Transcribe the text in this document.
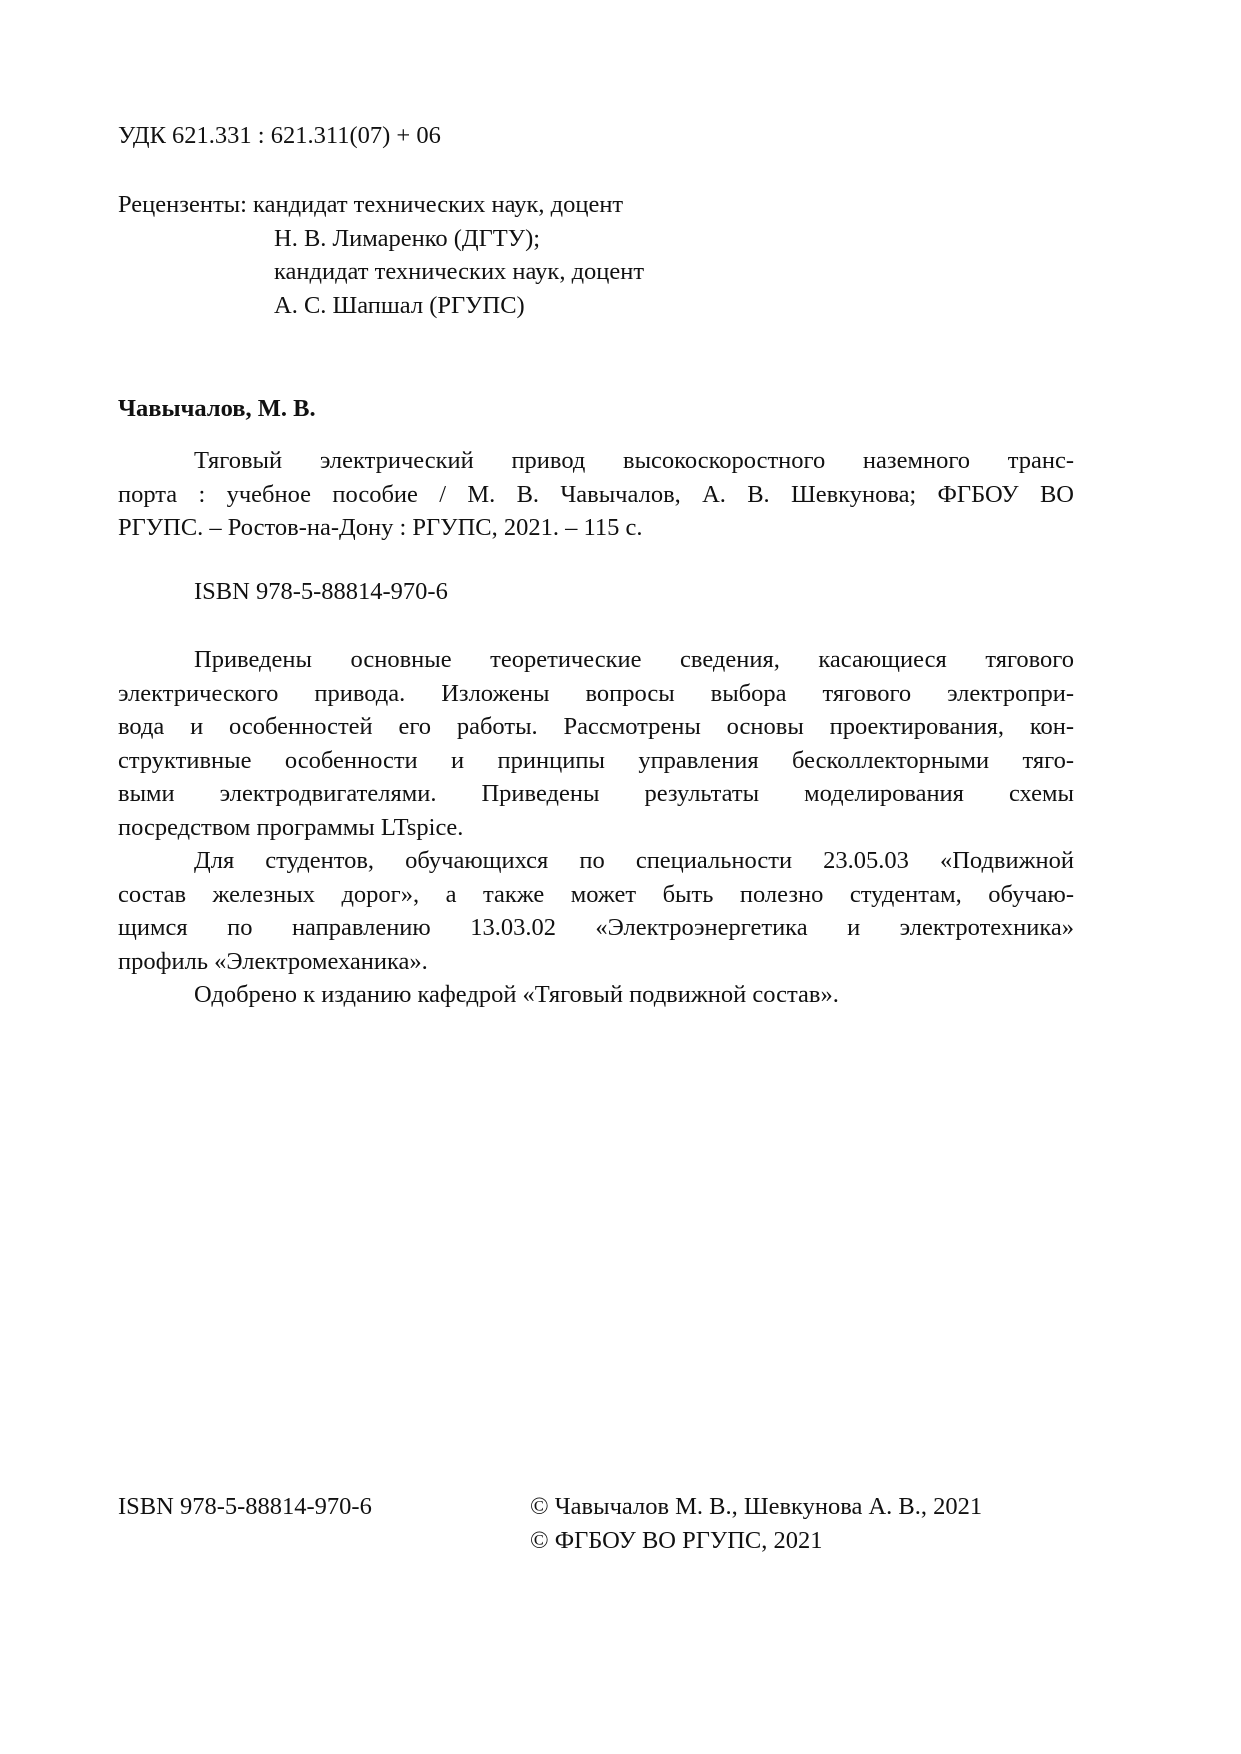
УДК 621.331 : 621.311(07) + 06
Рецензенты: кандидат технических наук, доцент
Н. В. Лимаренко (ДГТУ);
кандидат технических наук, доцент
А. С. Шапшал (РГУПС)
Чавычалов, М. В.
Тяговый электрический привод высокоскоростного наземного транс-
порта : учебное пособие / М. В. Чавычалов, А. В. Шевкунова; ФГБОУ ВО
РГУПС. – Ростов-на-Дону : РГУПС, 2021. – 115 с.
ISBN 978-5-88814-970-6
Приведены основные теоретические сведения, касающиеся тягового
электрического привода. Изложены вопросы выбора тягового электропри-
вода и особенностей его работы. Рассмотрены основы проектирования, кон-
структивные особенности и принципы управления бесколлекторными тяго-
выми электродвигателями. Приведены результаты моделирования схемы
посредством программы LTspice.
Для студентов, обучающихся по специальности 23.05.03 «Подвижной
состав железных дорог», а также может быть полезно студентам, обучаю-
щимся по направлению 13.03.02 «Электроэнергетика и электротехника»
профиль «Электромеханика».
Одобрено к изданию кафедрой «Тяговый подвижной состав».
ISBN 978-5-88814-970-6	© Чавычалов М. В., Шевкунова А. В., 2021
© ФГБОУ ВО РГУПС, 2021
